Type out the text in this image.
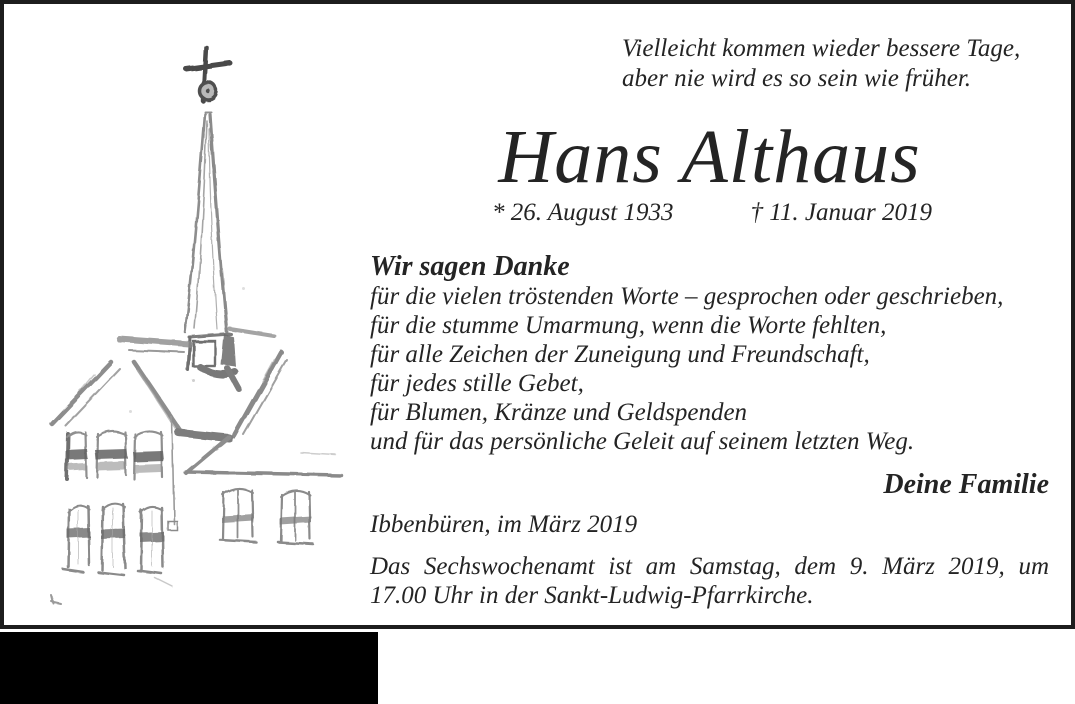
Vielleicht kommen wieder bessere Tage,
aber nie wird es so sein wie früher.
Hans Althaus
* 26. August 1933	† 11. Januar 2019
Wir sagen Danke
für die vielen tröstenden Worte – gesprochen oder geschrieben,
für die stumme Umarmung, wenn die Worte fehlten,
für alle Zeichen der Zuneigung und Freundschaft,
für jedes stille Gebet,
für Blumen, Kränze und Geldspenden
und für das persönliche Geleit auf seinem letzten Weg.
Deine Familie
Ibbenbüren, im März 2019
Das Sechswochenamt ist am Samstag, dem 9. März 2019, um
17.00 Uhr in der Sankt-Ludwig-Pfarrkirche.
